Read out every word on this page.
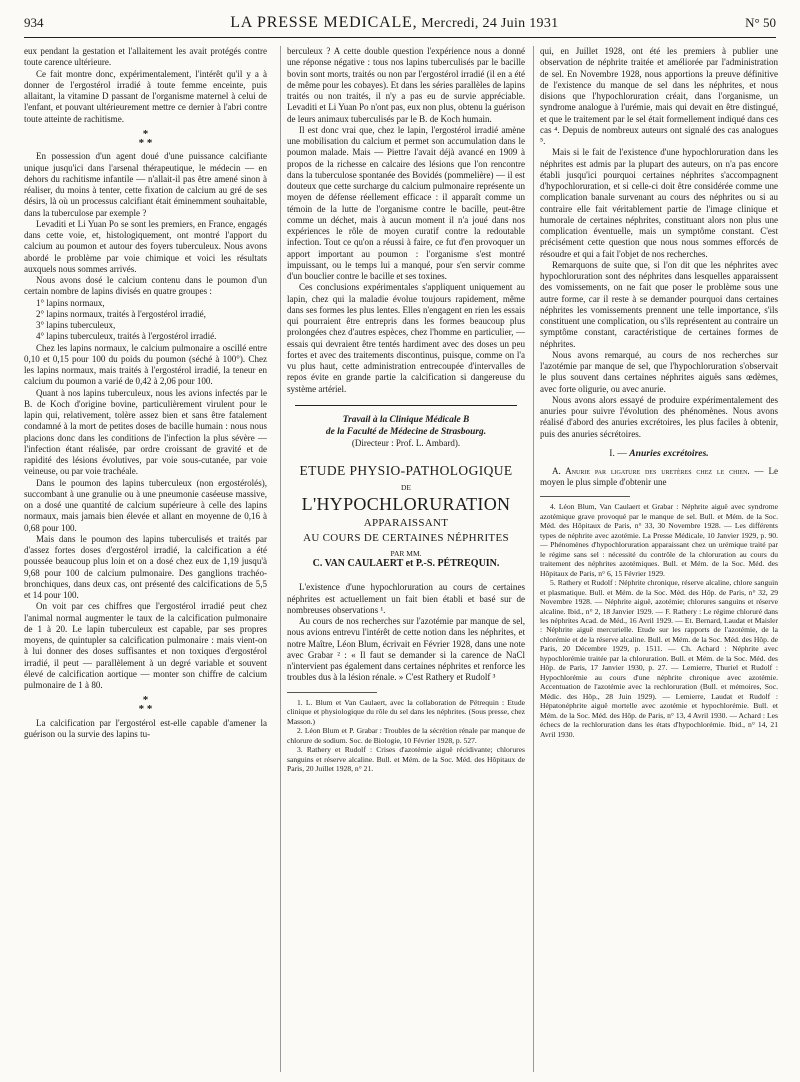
934	LA PRESSE MEDICALE, Mercredi, 24 Juin 1931	N° 50

eux pendant la gestation et l'allaitement les avait protégés contre toute carence ultérieure.

Ce fait montre donc, expérimentalement, l'intérêt qu'il y a à donner de l'ergostérol irradié à toute femme enceinte, puis allaitant, la vitamine D passant de l'organisme maternel à celui de l'enfant, et pouvant ultérieurement mettre ce dernier à l'abri contre toute atteinte de rachitisme.

*
* *

En possession d'un agent doué d'une puissance calcifiante unique jusqu'ici dans l'arsenal thérapeutique, le médecin — en dehors du rachitisme infantile — n'allait-il pas être amené sinon à réaliser, du moins à tenter, cette fixation de calcium au gré de ses désirs, là où un processus calcifiant était éminemment souhaitable, dans la tuberculose par exemple ?

Levaditi et Li Yuan Po se sont les premiers, en France, engagés dans cette voie, et, histologiquement, ont montré l'apport du calcium au poumon et autour des foyers tuberculeux. Nous avons abordé le problème par voie chimique et voici les résultats auxquels nous sommes arrivés.

Nous avons dosé le calcium contenu dans le poumon d'un certain nombre de lapins divisés en quatre groupes :

1° lapins normaux,

2° lapins normaux, traités à l'ergostérol irradié,

3° lapins tuberculeux,

4° lapins tuberculeux, traités à l'ergostérol irradié.

Chez les lapins normaux, le calcium pulmonaire a oscillé entre 0,10 et 0,15 pour 100 du poids du poumon (séché à 100°). Chez les lapins normaux, mais traités à l'ergostérol irradié, la teneur en calcium du poumon a varié de 0,42 à 2,06 pour 100.

Quant à nos lapins tuberculeux, nous les avions infectés par le B. de Koch d'origine bovine, particulièrement virulent pour le lapin qui, relativement, tolère assez bien et sans être fatalement condamné à la mort de petites doses de bacille humain : nous nous placions donc dans les conditions de l'infection la plus sévère — l'infection étant réalisée, par ordre croissant de gravité et de rapidité des lésions évolutives, par voie sous-cutanée, par voie veineuse, ou par voie trachéale.

Dans le poumon des lapins tuberculeux (non ergostérolés), succombant à une granulie ou à une pneumonie caséeuse massive, on a dosé une quantité de calcium supérieure à celle des lapins normaux, mais jamais bien élevée et allant en moyenne de 0,16 à 0,68 pour 100.

Mais dans le poumon des lapins tuberculisés et traités par d'assez fortes doses d'ergostérol irradié, la calcification a été poussée beaucoup plus loin et on a dosé chez eux de 1,19 jusqu'à 9,68 pour 100 de calcium pulmonaire. Des ganglions trachéo-bronchiques, dans deux cas, ont présenté des calcifications de 5,5 et 14 pour 100.

On voit par ces chiffres que l'ergostérol irradié peut chez l'animal normal augmenter le taux de la calcification pulmonaire de 1 à 20. Le lapin tuberculeux est capable, par ses propres moyens, de quintupler sa calcification pulmonaire : mais vient-on à lui donner des doses suffisantes et non toxiques d'ergostérol irradié, il peut — parallèlement à un degré variable et souvent élevé de calcification aortique — monter son chiffre de calcium pulmonaire de 1 à 80.

*
* *

La calcification par l'ergostérol est-elle capable d'amener la guérison ou la survie des lapins tu-

berculeux ? A cette double question l'expérience nous a donné une réponse négative : tous nos lapins tuberculisés par le bacille bovin sont morts, traités ou non par l'ergostérol irradié (il en a été de même pour les cobayes). Et dans les séries parallèles de lapins traités ou non traités, il n'y a pas eu de survie appréciable. Levaditi et Li Yuan Po n'ont pas, eux non plus, obtenu la guérison de leurs animaux tuberculisés par le B. de Koch humain.

Il est donc vrai que, chez le lapin, l'ergostérol irradié amène une mobilisation du calcium et permet son accumulation dans le poumon malade. Mais — Piettre l'avait déjà avancé en 1909 à propos de la richesse en calcaire des lésions que l'on rencontre dans la tuberculose spontanée des Bovidés (pommelière) — il est douteux que cette surcharge du calcium pulmonaire représente un moyen de défense réellement efficace : il apparaît comme un témoin de la lutte de l'organisme contre le bacille, peut-être comme un déchet, mais à aucun moment il n'a joué dans nos expériences le rôle de moyen curatif contre la redoutable infection. Tout ce qu'on a réussi à faire, ce fut d'en provoquer un apport important au poumon : l'organisme s'est montré impuissant, ou le temps lui a manqué, pour s'en servir comme d'un bouclier contre le bacille et ses toxines.

Ces conclusions expérimentales s'appliquent uniquement au lapin, chez qui la maladie évolue toujours rapidement, même dans ses formes les plus lentes. Elles n'engagent en rien les essais qui pourraient être entrepris dans les formes beaucoup plus prolongées chez d'autres espèces, chez l'homme en particulier, — essais qui devraient être tentés hardiment avec des doses un peu fortes et avec des traitements discontinus, puisque, comme on l'a vu plus haut, cette administration entrecoupée d'intervalles de repos évite en grande partie la calcification si dangereuse du système artériel.

Travail à la Clinique Médicale B
de la Faculté de Médecine de Strasbourg.
(Directeur : Prof. L. Ambard).
ETUDE PHYSIO-PATHOLOGIQUE
DE
L'HYPOCHLORURATION
APPARAISSANT
AU COURS DE CERTAINES NÉPHRITES
PAR MM.
C. VAN CAULAERT et P.-S. PÉTREQUIN.

L'existence d'une hypochloruration au cours de certaines néphrites est actuellement un fait bien établi et basé sur de nombreuses observations ¹.

Au cours de nos recherches sur l'azotémie par manque de sel, nous avions entrevu l'intérêt de cette notion dans les néphrites, et notre Maître, Léon Blum, écrivait en Février 1928, dans une note avec Grabar ² : « Il faut se demander si la carence de NaCl n'intervient pas également dans certaines néphrites et renforce les troubles dus à la lésion rénale. » C'est Rathery et Rudolf ³

1. L. Blum et Van Caulaert, avec la collaboration de Pétrequin : Etude clinique et physiologique du rôle du sel dans les néphrites. (Sous presse, chez Masson.)

2. Léon Blum et P. Grabar : Troubles de la sécrétion rénale par manque de chlorure de sodium. Soc. de Biologie, 10 Février 1928, p. 527.

3. Rathery et Rudolf : Crises d'azotémie aiguë récidivante; chlorures sanguins et réserve alcaline. Bull. et Mém. de la Soc. Méd. des Hôpitaux de Paris, 20 Juillet 1928, n° 21.

qui, en Juillet 1928, ont été les premiers à publier une observation de néphrite traitée et améliorée par l'administration de sel. En Novembre 1928, nous apportions la preuve définitive de l'existence du manque de sel dans les néphrites, et nous disions que l'hypochloruration créait, dans l'organisme, un syndrome analogue à l'urémie, mais qui devait en être distingué, et que le traitement par le sel était formellement indiqué dans ces cas ⁴. Depuis de nombreux auteurs ont signalé des cas analogues ⁵.

Mais si le fait de l'existence d'une hypochloruration dans les néphrites est admis par la plupart des auteurs, on n'a pas encore établi jusqu'ici pourquoi certaines néphrites s'accompagnent d'hypochloruration, et si celle-ci doit être considérée comme une complication banale survenant au cours des néphrites ou si au contraire elle fait véritablement partie de l'image clinique et humorale de certaines néphrites, constituant alors non plus une complication éventuelle, mais un symptôme constant. C'est précisément cette question que nous nous sommes efforcés de résoudre et qui a fait l'objet de nos recherches.

Remarquons de suite que, si l'on dit que les néphrites avec hypochloruration sont des néphrites dans lesquelles apparaissent des vomissements, on ne fait que poser le problème sous une autre forme, car il reste à se demander pourquoi dans certaines néphrites les vomissements prennent une telle importance, s'ils constituent une complication, ou s'ils représentent au contraire un symptôme constant, caractéristique de certaines formes de néphrites.

Nous avons remarqué, au cours de nos recherches sur l'azotémie par manque de sel, que l'hypochloruration s'observait le plus souvent dans certaines néphrites aiguës sans œdèmes, avec forte oligurie, ou avec anurie.

Nous avons alors essayé de produire expérimentalement des anuries pour suivre l'évolution des phénomènes. Nous avons réalisé d'abord des anuries excrétoires, les plus faciles à obtenir, puis des anuries sécrétoires.

I. — Anuries excrétoires.

A. Anurie par ligature des uretères chez le chien. — Le moyen le plus simple d'obtenir une

4. Léon Blum, Van Caulaert et Grabar : Néphrite aiguë avec syndrome azotémique grave provoqué par le manque de sel. Bull. et Mém. de la Soc. Méd. des Hôpitaux de Paris, n° 33, 30 Novembre 1928. — Les différents types de néphrite avec azotémie. La Presse Médicale, 10 Janvier 1929, p. 90. — Phénomènes d'hypochloruration apparaissant chez un urémique traité par le régime sans sel : nécessité du contrôle de la chloruration au cours du traitement des néphrites azotémiques. Bull. et Mém. de la Soc. Méd. des Hôpitaux de Paris, n° 6, 15 Février 1929.

5. Rathery et Rudolf : Néphrite chronique, réserve alcaline, chlore sanguin et plasmatique. Bull. et Mém. de la Soc. Méd. des Hôp. de Paris, n° 32, 29 Novembre 1928. — Néphrite aiguë, azotémie; chlorures sanguins et réserve alcaline. Ibid., n° 2, 18 Janvier 1929. — F. Rathery : Le régime chloruré dans les néphrites Acad. de Méd., 16 Avril 1929. — Et. Bernard, Laudat et Maisler : Néphrite aiguë mercurielle. Etude sur les rapports de l'azotémie, de la chlorémie et de la réserve alcaline. Bull. et Mém. de la Soc. Méd. des Hôp. de Paris, 20 Décembre 1929, p. 1511. — Ch. Achard : Néphrite avec hypochlorémie traitée par la chloruration. Bull. et Mém. de la Soc. Méd. des Hôp. de Paris, 17 Janvier 1930, p. 27. — Lemierre, Thuriel et Rudolf : Hypochlorémie au cours d'une néphrite chronique avec azotémie. Accentuation de l'azotémie avec la rechloruration (Bull. et mémoires, Soc. Médic. des Hôp., 28 Juin 1929). — Lemierre, Laudat et Rudolf : Hépatonéphrite aiguë mortelle avec azotémie et hypochlorémie. Bull. et Mém. de la Soc. Méd. des Hôp. de Paris, n° 13, 4 Avril 1930. — Achard : Les échecs de la rechloruration dans les états d'hypochlorémie. Ibid., n° 14, 21 Avril 1930.
